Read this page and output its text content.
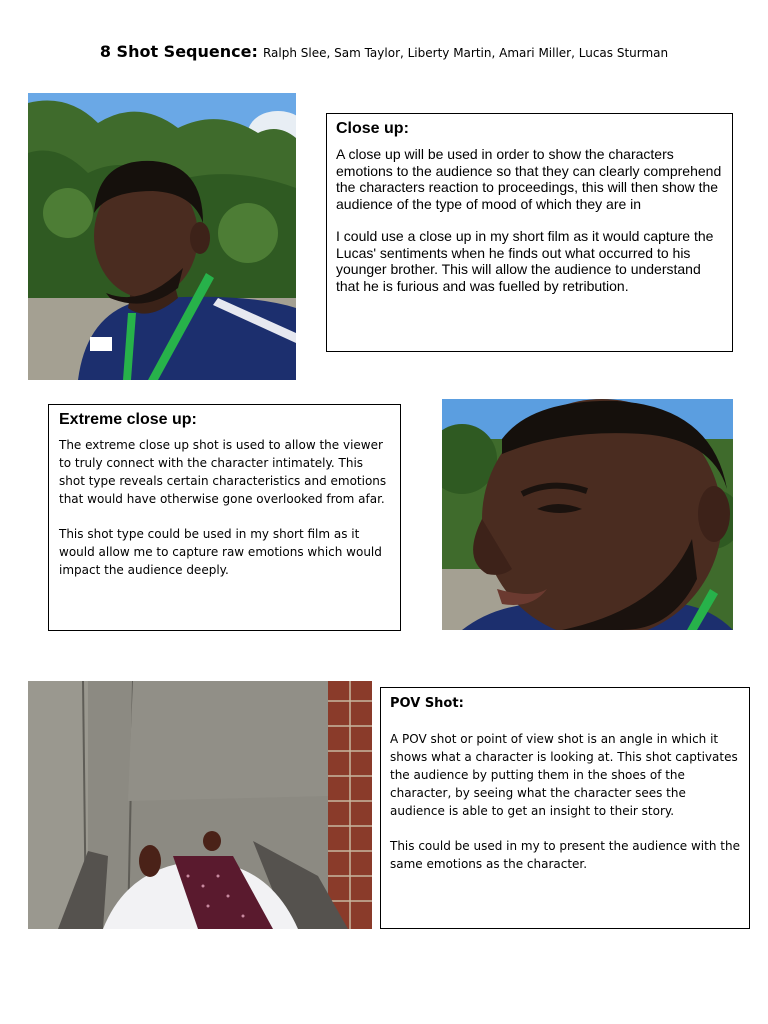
8 Shot Sequence: Ralph Slee, Sam Taylor, Liberty Martin, Amari Miller, Lucas Sturman
Close up:

A close up will be used in order to show the characters emotions to the audience so that they can clearly comprehend the characters reaction to proceedings, this will then show the audience of the type of mood of which they are in

I could use a close up in my short film as it would capture the Lucas' sentiments when he finds out what occurred to his younger brother. This will allow the audience to understand that he is furious and was fuelled by retribution.

Extreme close up:

The extreme close up shot is used to allow the viewer to truly connect with the character intimately. This shot type reveals certain characteristics and emotions that would have otherwise gone overlooked from afar.

This shot type could be used in my short film as it would allow me to capture raw emotions which would impact the audience deeply.

POV Shot:

A POV shot or point of view shot is an angle in which it shows what a character is looking at. This shot captivates the audience by putting them in the shoes of the character, by seeing what the character sees the audience is able to get an insight to their story.

This could be used in my to present the audience with the same emotions as the character.
